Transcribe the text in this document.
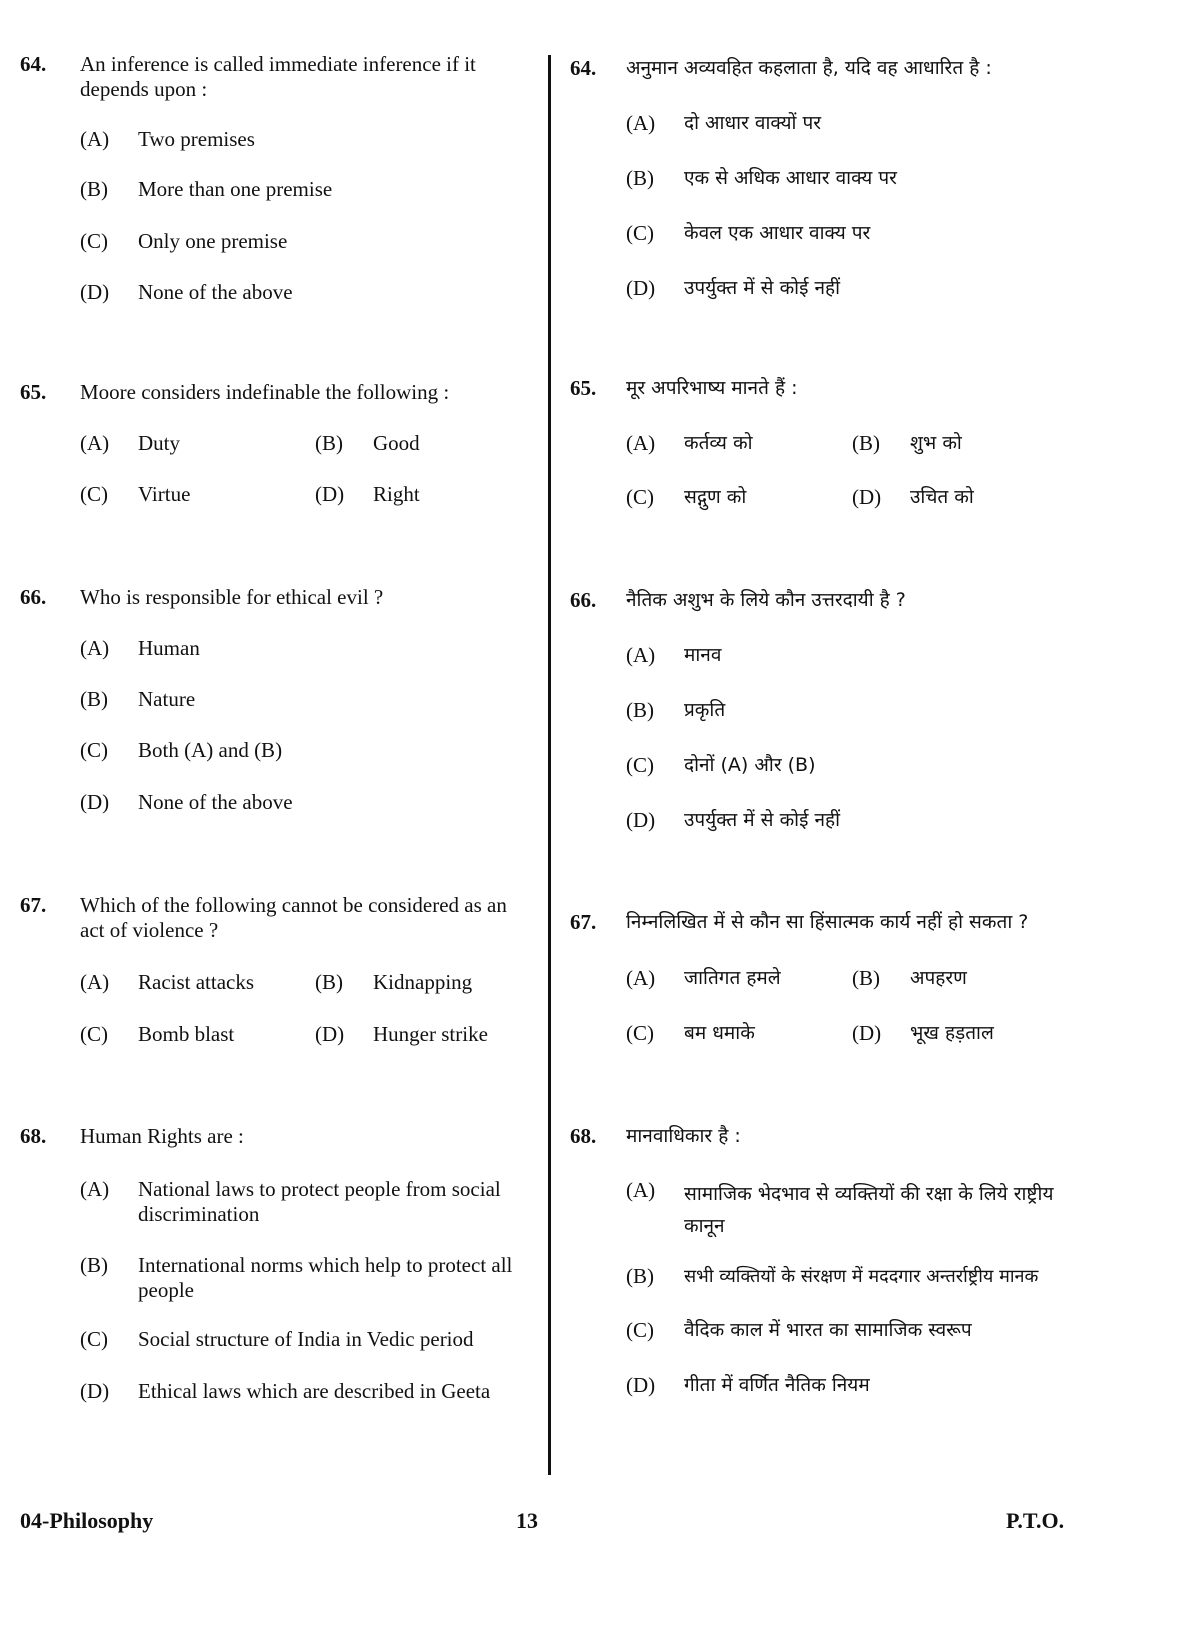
64. An inference is called immediate inference if it depends upon :
(A) Two premises
(B) More than one premise
(C) Only one premise
(D) None of the above
65. Moore considers indefinable the following :
(A) Duty	(B) Good
(C) Virtue	(D) Right
66. Who is responsible for ethical evil ?
(A) Human
(B) Nature
(C) Both (A) and (B)
(D) None of the above
67. Which of the following cannot be considered as an act of violence ?
(A) Racist attacks	(B) Kidnapping
(C) Bomb blast	(D) Hunger strike
68. Human Rights are :
(A) National laws to protect people from social discrimination
(B) International norms which help to protect all people
(C) Social structure of India in Vedic period
(D) Ethical laws which are described in Geeta
64. अनुमान अव्यवहित कहलाता है, यदि वह आधारित है :
(A) दो आधार वाक्यों पर
(B) एक से अधिक आधार वाक्य पर
(C) केवल एक आधार वाक्य पर
(D) उपर्युक्त में से कोई नहीं
65. मूर अपरिभाष्य मानते हैं :
(A) कर्तव्य को	(B) शुभ को
(C) सद्गुण को	(D) उचित को
66. नैतिक अशुभ के लिये कौन उत्तरदायी है ?
(A) मानव
(B) प्रकृति
(C) दोनों (A) और (B)
(D) उपर्युक्त में से कोई नहीं
67. निम्नलिखित में से कौन सा हिंसात्मक कार्य नहीं हो सकता ?
(A) जातिगत हमले	(B) अपहरण
(C) बम धमाके	(D) भूख हड़ताल
68. मानवाधिकार है :
(A) सामाजिक भेदभाव से व्यक्तियों की रक्षा के लिये राष्ट्रीय कानून
(B) सभी व्यक्तियों के संरक्षण में मददगार अन्तर्राष्ट्रीय मानक
(C) वैदिक काल में भारत का सामाजिक स्वरूप
(D) गीता में वर्णित नैतिक नियम
04-Philosophy	13	P.T.O.
